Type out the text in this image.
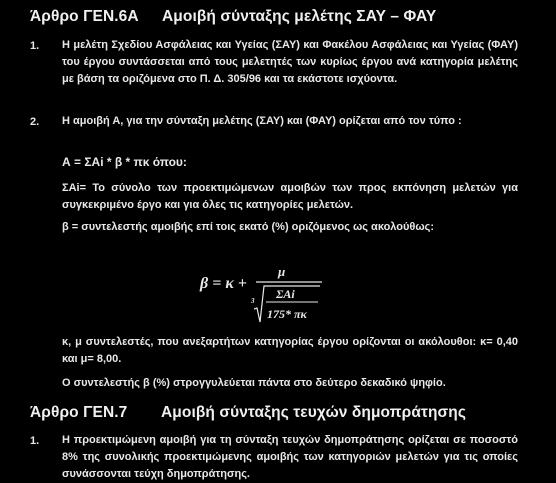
Άρθρο ΓΕΝ.6Α Αμοιβή σύνταξης μελέτης ΣΑΥ – ΦΑΥ
1. Η μελέτη Σχεδίου Ασφάλειας και Υγείας (ΣΑΥ) και Φακέλου Ασφάλειας και Υγείας (ΦΑΥ) του έργου συντάσσεται από τους μελετητές των κυρίως έργου ανά κατηγορία μελέτης με βάση τα οριζόμενα στο Π. Δ. 305/96 και τα εκάστοτε ισχύοντα.
2. Η αμοιβή Α, για την σύνταξη μελέτης (ΣΑΥ) και (ΦΑΥ) ορίζεται από τον τύπο :
Α = ΣΑi * β * πκ όπου:
ΣΑi= Το σύνολο των προεκτιμώμενων αμοιβών των προς εκπόνηση μελετών για συγκεκριμένο έργο και για όλες τις κατηγορίες μελετών.
β = συντελεστής αμοιβής επί τοις εκατό (%) οριζόμενος ως ακολούθως:
β = κ +
μ
3 ΣΑi
175* πκ
κ, μ συντελεστές, που ανεξαρτήτων κατηγορίας έργου ορίζονται οι ακόλουθοι: κ= 0,40 και μ= 8,00.
Ο συντελεστής β (%) στρογγυλεύεται πάντα στο δεύτερο δεκαδικό ψηφίο.
Άρθρο ΓΕΝ.7 Αμοιβή σύνταξης τευχών δημοπράτησης
1. Η προεκτιμώμενη αμοιβή για τη σύνταξη τευχών δημοπράτησης ορίζεται σε ποσοστό 8% της συνολικής προεκτιμώμενης αμοιβής των κατηγοριών μελετών για τις οποίες συνάσσονται τεύχη δημοπράτησης.
